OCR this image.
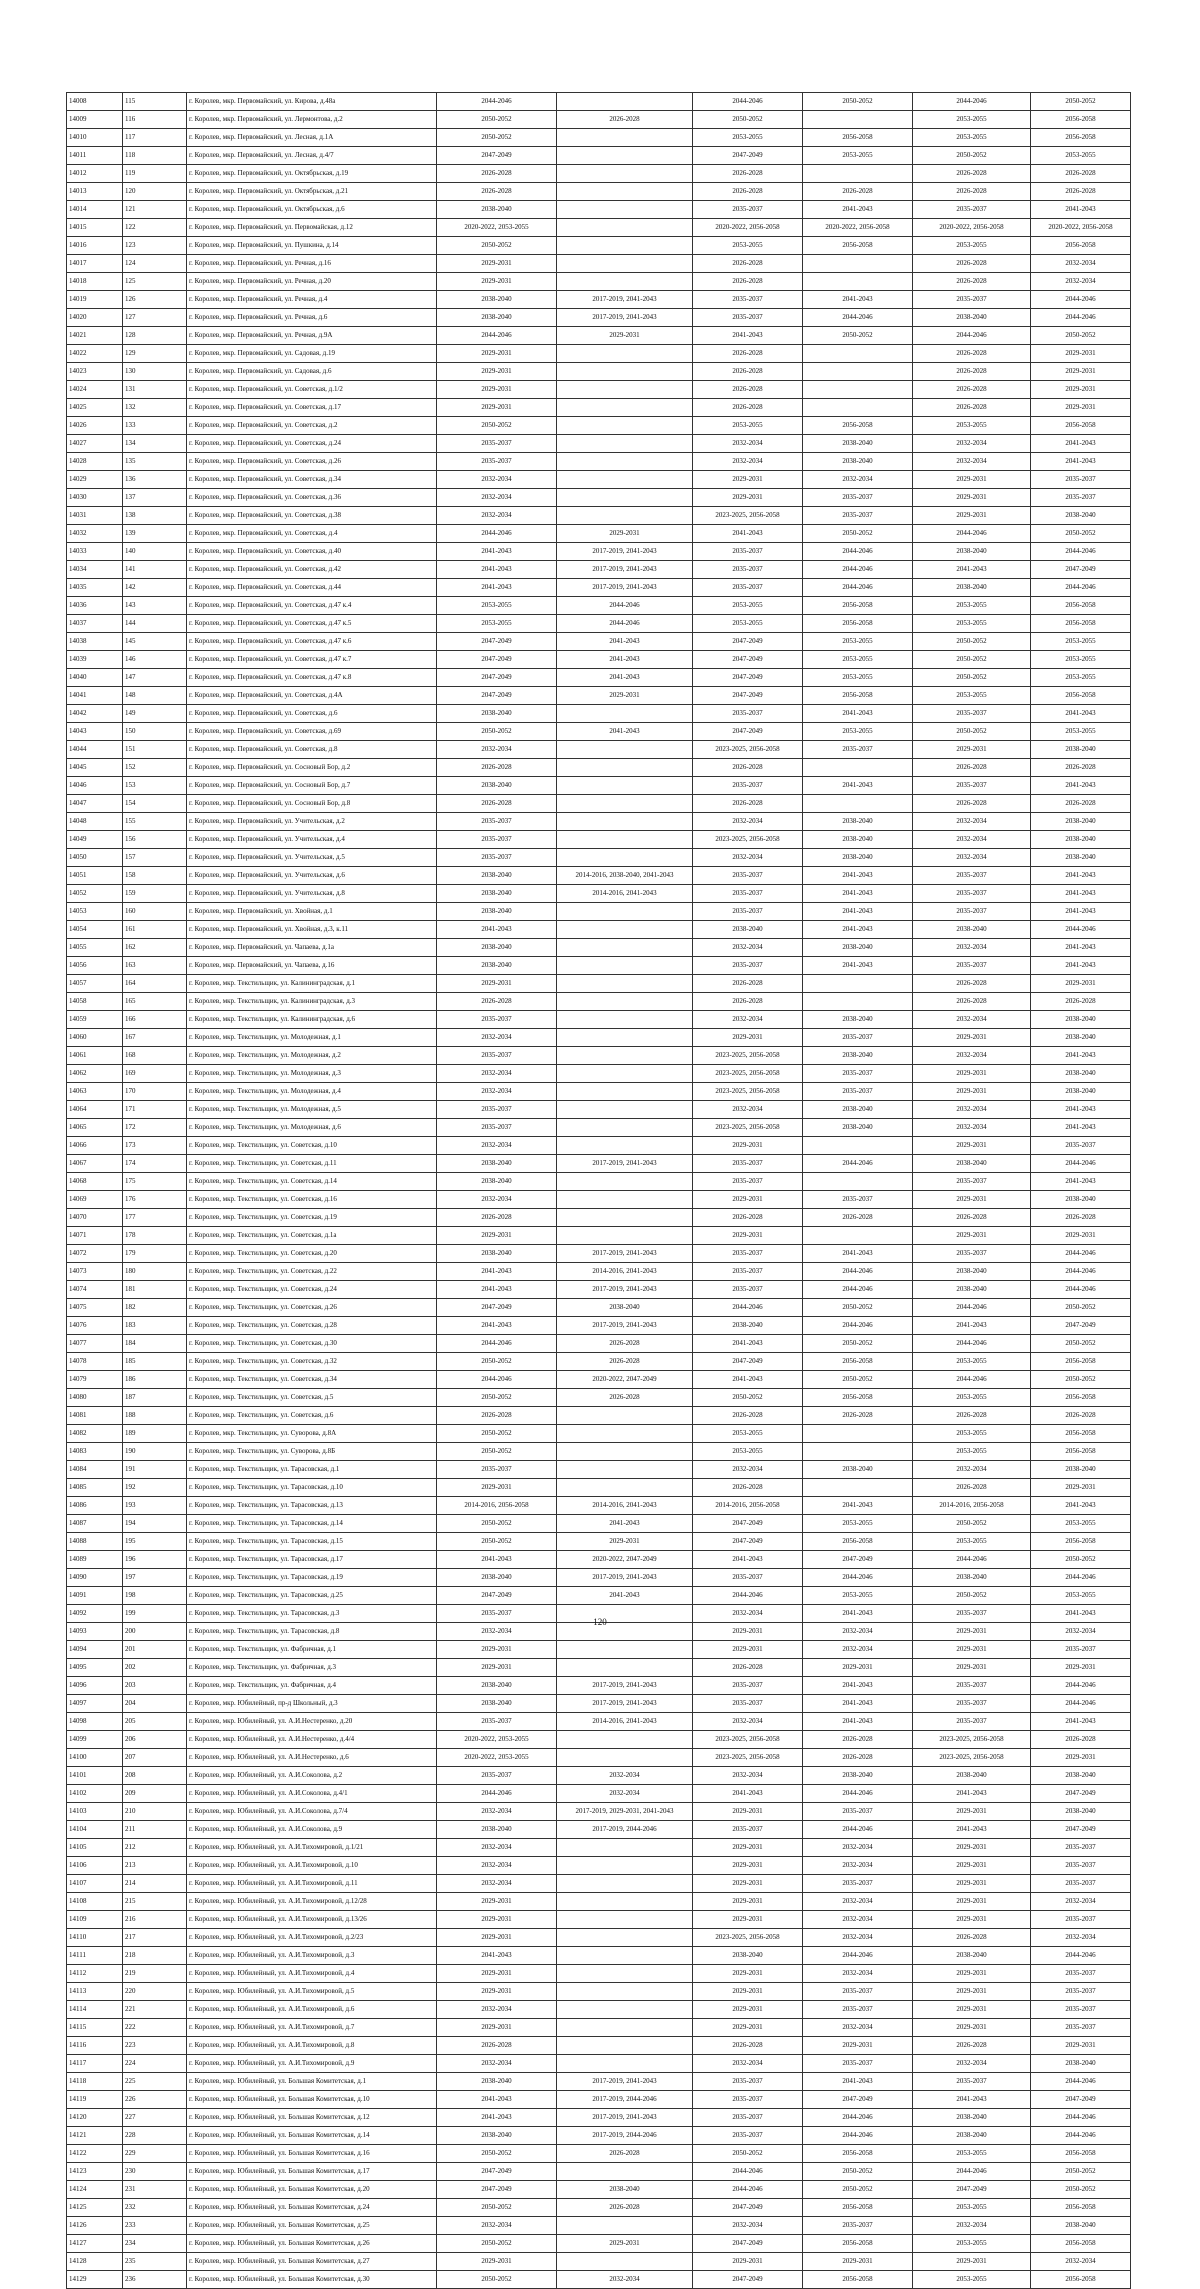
14008	115	г. Королев, мкр. Первомайский, ул. Кирова, д.48а	2044-2046		2044-2046	2050-2052	2044-2046	2050-2052
14009	116	г. Королев, мкр. Первомайский, ул. Лермонтова, д.2	2050-2052	2026-2028	2050-2052		2053-2055	2056-2058
14010	117	г. Королев, мкр. Первомайский, ул. Лесная, д.1А	2050-2052		2053-2055	2056-2058	2053-2055	2056-2058
14011	118	г. Королев, мкр. Первомайский, ул. Лесная, д.4/7	2047-2049		2047-2049	2053-2055	2050-2052	2053-2055
14012	119	г. Королев, мкр. Первомайский, ул. Октябрьская, д.19	2026-2028		2026-2028		2026-2028	2026-2028
14013	120	г. Королев, мкр. Первомайский, ул. Октябрьская, д.21	2026-2028		2026-2028	2026-2028	2026-2028	2026-2028
14014	121	г. Королев, мкр. Первомайский, ул. Октябрьская, д.6	2038-2040		2035-2037	2041-2043	2035-2037	2041-2043
14015	122	г. Королев, мкр. Первомайский, ул. Первомайская, д.12	2020-2022, 2053-2055		2020-2022, 2056-2058	2020-2022, 2056-2058	2020-2022, 2056-2058	2020-2022, 2056-2058
14016	123	г. Королев, мкр. Первомайский, ул. Пушкина, д.14	2050-2052		2053-2055	2056-2058	2053-2055	2056-2058
14017	124	г. Королев, мкр. Первомайский, ул. Речная, д.16	2029-2031		2026-2028		2026-2028	2032-2034
14018	125	г. Королев, мкр. Первомайский, ул. Речная, д.20	2029-2031		2026-2028		2026-2028	2032-2034
14019	126	г. Королев, мкр. Первомайский, ул. Речная, д.4	2038-2040	2017-2019, 2041-2043	2035-2037	2041-2043	2035-2037	2044-2046
14020	127	г. Королев, мкр. Первомайский, ул. Речная, д.6	2038-2040	2017-2019, 2041-2043	2035-2037	2044-2046	2038-2040	2044-2046
14021	128	г. Королев, мкр. Первомайский, ул. Речная, д.9А	2044-2046	2029-2031	2041-2043	2050-2052	2044-2046	2050-2052
14022	129	г. Королев, мкр. Первомайский, ул. Садовая, д.19	2029-2031		2026-2028		2026-2028	2029-2031
14023	130	г. Королев, мкр. Первомайский, ул. Садовая, д.6	2029-2031		2026-2028		2026-2028	2029-2031
14024	131	г. Королев, мкр. Первомайский, ул. Советская, д.1/2	2029-2031		2026-2028		2026-2028	2029-2031
14025	132	г. Королев, мкр. Первомайский, ул. Советская, д.17	2029-2031		2026-2028		2026-2028	2029-2031
14026	133	г. Королев, мкр. Первомайский, ул. Советская, д.2	2050-2052		2053-2055	2056-2058	2053-2055	2056-2058
14027	134	г. Королев, мкр. Первомайский, ул. Советская, д.24	2035-2037		2032-2034	2038-2040	2032-2034	2041-2043
14028	135	г. Королев, мкр. Первомайский, ул. Советская, д.26	2035-2037		2032-2034	2038-2040	2032-2034	2041-2043
14029	136	г. Королев, мкр. Первомайский, ул. Советская, д.34	2032-2034		2029-2031	2032-2034	2029-2031	2035-2037
14030	137	г. Королев, мкр. Первомайский, ул. Советская, д.36	2032-2034		2029-2031	2035-2037	2029-2031	2035-2037
14031	138	г. Королев, мкр. Первомайский, ул. Советская, д.38	2032-2034		2023-2025, 2056-2058	2035-2037	2029-2031	2038-2040
14032	139	г. Королев, мкр. Первомайский, ул. Советская, д.4	2044-2046	2029-2031	2041-2043	2050-2052	2044-2046	2050-2052
14033	140	г. Королев, мкр. Первомайский, ул. Советская, д.40	2041-2043	2017-2019, 2041-2043	2035-2037	2044-2046	2038-2040	2044-2046
14034	141	г. Королев, мкр. Первомайский, ул. Советская, д.42	2041-2043	2017-2019, 2041-2043	2035-2037	2044-2046	2041-2043	2047-2049
14035	142	г. Королев, мкр. Первомайский, ул. Советская, д.44	2041-2043	2017-2019, 2041-2043	2035-2037	2044-2046	2038-2040	2044-2046
14036	143	г. Королев, мкр. Первомайский, ул. Советская, д.47 к.4	2053-2055	2044-2046	2053-2055	2056-2058	2053-2055	2056-2058
14037	144	г. Королев, мкр. Первомайский, ул. Советская, д.47 к.5	2053-2055	2044-2046	2053-2055	2056-2058	2053-2055	2056-2058
14038	145	г. Королев, мкр. Первомайский, ул. Советская, д.47 к.6	2047-2049	2041-2043	2047-2049	2053-2055	2050-2052	2053-2055
14039	146	г. Королев, мкр. Первомайский, ул. Советская, д.47 к.7	2047-2049	2041-2043	2047-2049	2053-2055	2050-2052	2053-2055
14040	147	г. Королев, мкр. Первомайский, ул. Советская, д.47 к.8	2047-2049	2041-2043	2047-2049	2053-2055	2050-2052	2053-2055
14041	148	г. Королев, мкр. Первомайский, ул. Советская, д.4А	2047-2049	2029-2031	2047-2049	2056-2058	2053-2055	2056-2058
14042	149	г. Королев, мкр. Первомайский, ул. Советская, д.6	2038-2040		2035-2037	2041-2043	2035-2037	2041-2043
14043	150	г. Королев, мкр. Первомайский, ул. Советская, д.69	2050-2052	2041-2043	2047-2049	2053-2055	2050-2052	2053-2055
14044	151	г. Королев, мкр. Первомайский, ул. Советская, д.8	2032-2034		2023-2025, 2056-2058	2035-2037	2029-2031	2038-2040
14045	152	г. Королев, мкр. Первомайский, ул. Сосновый Бор, д.2	2026-2028		2026-2028		2026-2028	2026-2028
14046	153	г. Королев, мкр. Первомайский, ул. Сосновый Бор, д.7	2038-2040		2035-2037	2041-2043	2035-2037	2041-2043
14047	154	г. Королев, мкр. Первомайский, ул. Сосновый Бор, д.8	2026-2028		2026-2028		2026-2028	2026-2028
14048	155	г. Королев, мкр. Первомайский, ул. Учительская, д.2	2035-2037		2032-2034	2038-2040	2032-2034	2038-2040
14049	156	г. Королев, мкр. Первомайский, ул. Учительская, д.4	2035-2037		2023-2025, 2056-2058	2038-2040	2032-2034	2038-2040
14050	157	г. Королев, мкр. Первомайский, ул. Учительская, д.5	2035-2037		2032-2034	2038-2040	2032-2034	2038-2040
14051	158	г. Королев, мкр. Первомайский, ул. Учительская, д.6	2038-2040	2014-2016, 2038-2040, 2041-2043	2035-2037	2041-2043	2035-2037	2041-2043
14052	159	г. Королев, мкр. Первомайский, ул. Учительская, д.8	2038-2040	2014-2016, 2041-2043	2035-2037	2041-2043	2035-2037	2041-2043
14053	160	г. Королев, мкр. Первомайский, ул. Хвойная, д.1	2038-2040		2035-2037	2041-2043	2035-2037	2041-2043
14054	161	г. Королев, мкр. Первомайский, ул. Хвойная, д.3, к.11	2041-2043		2038-2040	2041-2043	2038-2040	2044-2046
14055	162	г. Королев, мкр. Первомайский, ул. Чапаева, д.1а	2038-2040		2032-2034	2038-2040	2032-2034	2041-2043
14056	163	г. Королев, мкр. Первомайский, ул. Чапаева, д.16	2038-2040		2035-2037	2041-2043	2035-2037	2041-2043
14057	164	г. Королев, мкр. Текстильщик, ул. Калининградская, д.1	2029-2031		2026-2028		2026-2028	2029-2031
14058	165	г. Королев, мкр. Текстильщик, ул. Калининградская, д.3	2026-2028		2026-2028		2026-2028	2026-2028
14059	166	г. Королев, мкр. Текстильщик, ул. Калининградская, д.6	2035-2037		2032-2034	2038-2040	2032-2034	2038-2040
14060	167	г. Королев, мкр. Текстильщик, ул. Молодежная, д.1	2032-2034		2029-2031	2035-2037	2029-2031	2038-2040
14061	168	г. Королев, мкр. Текстильщик, ул. Молодежная, д.2	2035-2037		2023-2025, 2056-2058	2038-2040	2032-2034	2041-2043
14062	169	г. Королев, мкр. Текстильщик, ул. Молодежная, д.3	2032-2034		2023-2025, 2056-2058	2035-2037	2029-2031	2038-2040
14063	170	г. Королев, мкр. Текстильщик, ул. Молодежная, д.4	2032-2034		2023-2025, 2056-2058	2035-2037	2029-2031	2038-2040
14064	171	г. Королев, мкр. Текстильщик, ул. Молодежная, д.5	2035-2037		2032-2034	2038-2040	2032-2034	2041-2043
14065	172	г. Королев, мкр. Текстильщик, ул. Молодежная, д.6	2035-2037		2023-2025, 2056-2058	2038-2040	2032-2034	2041-2043
14066	173	г. Королев, мкр. Текстильщик, ул. Советская, д.10	2032-2034		2029-2031		2029-2031	2035-2037
14067	174	г. Королев, мкр. Текстильщик, ул. Советская, д.11	2038-2040	2017-2019, 2041-2043	2035-2037	2044-2046	2038-2040	2044-2046
14068	175	г. Королев, мкр. Текстильщик, ул. Советская, д.14	2038-2040		2035-2037		2035-2037	2041-2043
14069	176	г. Королев, мкр. Текстильщик, ул. Советская, д.16	2032-2034		2029-2031	2035-2037	2029-2031	2038-2040
14070	177	г. Королев, мкр. Текстильщик, ул. Советская, д.19	2026-2028		2026-2028	2026-2028	2026-2028	2026-2028
14071	178	г. Королев, мкр. Текстильщик, ул. Советская, д.1а	2029-2031		2029-2031		2029-2031	2029-2031
14072	179	г. Королев, мкр. Текстильщик, ул. Советская, д.20	2038-2040	2017-2019, 2041-2043	2035-2037	2041-2043	2035-2037	2044-2046
14073	180	г. Королев, мкр. Текстильщик, ул. Советская, д.22	2041-2043	2014-2016, 2041-2043	2035-2037	2044-2046	2038-2040	2044-2046
14074	181	г. Королев, мкр. Текстильщик, ул. Советская, д.24	2041-2043	2017-2019, 2041-2043	2035-2037	2044-2046	2038-2040	2044-2046
14075	182	г. Королев, мкр. Текстильщик, ул. Советская, д.26	2047-2049	2038-2040	2044-2046	2050-2052	2044-2046	2050-2052
14076	183	г. Королев, мкр. Текстильщик, ул. Советская, д.28	2041-2043	2017-2019, 2041-2043	2038-2040	2044-2046	2041-2043	2047-2049
14077	184	г. Королев, мкр. Текстильщик, ул. Советская, д.30	2044-2046	2026-2028	2041-2043	2050-2052	2044-2046	2050-2052
14078	185	г. Королев, мкр. Текстильщик, ул. Советская, д.32	2050-2052	2026-2028	2047-2049	2056-2058	2053-2055	2056-2058
14079	186	г. Королев, мкр. Текстильщик, ул. Советская, д.34	2044-2046	2020-2022, 2047-2049	2041-2043	2050-2052	2044-2046	2050-2052
14080	187	г. Королев, мкр. Текстильщик, ул. Советская, д.5	2050-2052	2026-2028	2050-2052	2056-2058	2053-2055	2056-2058
14081	188	г. Королев, мкр. Текстильщик, ул. Советская, д.6	2026-2028		2026-2028	2026-2028	2026-2028	2026-2028
14082	189	г. Королев, мкр. Текстильщик, ул. Суворова, д.8А	2050-2052		2053-2055		2053-2055	2056-2058
14083	190	г. Королев, мкр. Текстильщик, ул. Суворова, д.8Б	2050-2052		2053-2055		2053-2055	2056-2058
14084	191	г. Королев, мкр. Текстильщик, ул. Тарасовская, д.1	2035-2037		2032-2034	2038-2040	2032-2034	2038-2040
14085	192	г. Королев, мкр. Текстильщик, ул. Тарасовская, д.10	2029-2031		2026-2028		2026-2028	2029-2031
14086	193	г. Королев, мкр. Текстильщик, ул. Тарасовская, д.13	2014-2016, 2056-2058	2014-2016, 2041-2043	2014-2016, 2056-2058	2041-2043	2014-2016, 2056-2058	2041-2043
14087	194	г. Королев, мкр. Текстильщик, ул. Тарасовская, д.14	2050-2052	2041-2043	2047-2049	2053-2055	2050-2052	2053-2055
14088	195	г. Королев, мкр. Текстильщик, ул. Тарасовская, д.15	2050-2052	2029-2031	2047-2049	2056-2058	2053-2055	2056-2058
14089	196	г. Королев, мкр. Текстильщик, ул. Тарасовская, д.17	2041-2043	2020-2022, 2047-2049	2041-2043	2047-2049	2044-2046	2050-2052
14090	197	г. Королев, мкр. Текстильщик, ул. Тарасовская, д.19	2038-2040	2017-2019, 2041-2043	2035-2037	2044-2046	2038-2040	2044-2046
14091	198	г. Королев, мкр. Текстильщик, ул. Тарасовская, д.25	2047-2049	2041-2043	2044-2046	2053-2055	2050-2052	2053-2055
14092	199	г. Королев, мкр. Текстильщик, ул. Тарасовская, д.3	2035-2037		2032-2034	2041-2043	2035-2037	2041-2043
14093	200	г. Королев, мкр. Текстильщик, ул. Тарасовская, д.8	2032-2034		2029-2031	2032-2034	2029-2031	2032-2034
14094	201	г. Королев, мкр. Текстильщик, ул. Фабричная, д.1	2029-2031		2029-2031	2032-2034	2029-2031	2035-2037
14095	202	г. Королев, мкр. Текстильщик, ул. Фабричная, д.3	2029-2031		2026-2028	2029-2031	2029-2031	2029-2031
14096	203	г. Королев, мкр. Текстильщик, ул. Фабричная, д.4	2038-2040	2017-2019, 2041-2043	2035-2037	2041-2043	2035-2037	2044-2046
14097	204	г. Королев, мкр. Юбилейный, пр-д Школьный, д.3	2038-2040	2017-2019, 2041-2043	2035-2037	2041-2043	2035-2037	2044-2046
14098	205	г. Королев, мкр. Юбилейный, ул. А.И.Нестеренко, д.20	2035-2037	2014-2016, 2041-2043	2032-2034	2041-2043	2035-2037	2041-2043
14099	206	г. Королев, мкр. Юбилейный, ул. А.И.Нестеренко, д.4/4	2020-2022, 2053-2055		2023-2025, 2056-2058	2026-2028	2023-2025, 2056-2058	2026-2028
14100	207	г. Королев, мкр. Юбилейный, ул. А.И.Нестеренко, д.6	2020-2022, 2053-2055		2023-2025, 2056-2058	2026-2028	2023-2025, 2056-2058	2029-2031
14101	208	г. Королев, мкр. Юбилейный, ул. А.И.Соколова, д.2	2035-2037	2032-2034	2032-2034	2038-2040	2038-2040	2038-2040
14102	209	г. Королев, мкр. Юбилейный, ул. А.И.Соколова, д.4/1	2044-2046	2032-2034	2041-2043	2044-2046	2041-2043	2047-2049
14103	210	г. Королев, мкр. Юбилейный, ул. А.И.Соколова, д.7/4	2032-2034	2017-2019, 2029-2031, 2041-2043	2029-2031	2035-2037	2029-2031	2038-2040
14104	211	г. Королев, мкр. Юбилейный, ул. А.И.Соколова, д.9	2038-2040	2017-2019, 2044-2046	2035-2037	2044-2046	2041-2043	2047-2049
14105	212	г. Королев, мкр. Юбилейный, ул. А.И.Тихомировой, д.1/21	2032-2034		2029-2031	2032-2034	2029-2031	2035-2037
14106	213	г. Королев, мкр. Юбилейный, ул. А.И.Тихомировой, д.10	2032-2034		2029-2031	2032-2034	2029-2031	2035-2037
14107	214	г. Королев, мкр. Юбилейный, ул. А.И.Тихомировой, д.11	2032-2034		2029-2031	2035-2037	2029-2031	2035-2037
14108	215	г. Королев, мкр. Юбилейный, ул. А.И.Тихомировой, д.12/28	2029-2031		2029-2031	2032-2034	2029-2031	2032-2034
14109	216	г. Королев, мкр. Юбилейный, ул. А.И.Тихомировой, д.13/26	2029-2031		2029-2031	2032-2034	2029-2031	2035-2037
14110	217	г. Королев, мкр. Юбилейный, ул. А.И.Тихомировой, д.2/23	2029-2031		2023-2025, 2056-2058	2032-2034	2026-2028	2032-2034
14111	218	г. Королев, мкр. Юбилейный, ул. А.И.Тихомировой, д.3	2041-2043		2038-2040	2044-2046	2038-2040	2044-2046
14112	219	г. Королев, мкр. Юбилейный, ул. А.И.Тихомировой, д.4	2029-2031		2029-2031	2032-2034	2029-2031	2035-2037
14113	220	г. Королев, мкр. Юбилейный, ул. А.И.Тихомировой, д.5	2029-2031		2029-2031	2035-2037	2029-2031	2035-2037
14114	221	г. Королев, мкр. Юбилейный, ул. А.И.Тихомировой, д.6	2032-2034		2029-2031	2035-2037	2029-2031	2035-2037
14115	222	г. Королев, мкр. Юбилейный, ул. А.И.Тихомировой, д.7	2029-2031		2029-2031	2032-2034	2029-2031	2035-2037
14116	223	г. Королев, мкр. Юбилейный, ул. А.И.Тихомировой, д.8	2026-2028		2026-2028	2029-2031	2026-2028	2029-2031
14117	224	г. Королев, мкр. Юбилейный, ул. А.И.Тихомировой, д.9	2032-2034		2032-2034	2035-2037	2032-2034	2038-2040
14118	225	г. Королев, мкр. Юбилейный, ул. Большая Комитетская, д.1	2038-2040	2017-2019, 2041-2043	2035-2037	2041-2043	2035-2037	2044-2046
14119	226	г. Королев, мкр. Юбилейный, ул. Большая Комитетская, д.10	2041-2043	2017-2019, 2044-2046	2035-2037	2047-2049	2041-2043	2047-2049
14120	227	г. Королев, мкр. Юбилейный, ул. Большая Комитетская, д.12	2041-2043	2017-2019, 2041-2043	2035-2037	2044-2046	2038-2040	2044-2046
14121	228	г. Королев, мкр. Юбилейный, ул. Большая Комитетская, д.14	2038-2040	2017-2019, 2044-2046	2035-2037	2044-2046	2038-2040	2044-2046
14122	229	г. Королев, мкр. Юбилейный, ул. Большая Комитетская, д.16	2050-2052	2026-2028	2050-2052	2056-2058	2053-2055	2056-2058
14123	230	г. Королев, мкр. Юбилейный, ул. Большая Комитетская, д.17	2047-2049		2044-2046	2050-2052	2044-2046	2050-2052
14124	231	г. Королев, мкр. Юбилейный, ул. Большая Комитетская, д.20	2047-2049	2038-2040	2044-2046	2050-2052	2047-2049	2050-2052
14125	232	г. Королев, мкр. Юбилейный, ул. Большая Комитетская, д.24	2050-2052	2026-2028	2047-2049	2056-2058	2053-2055	2056-2058
14126	233	г. Королев, мкр. Юбилейный, ул. Большая Комитетская, д.25	2032-2034		2032-2034	2035-2037	2032-2034	2038-2040
14127	234	г. Королев, мкр. Юбилейный, ул. Большая Комитетская, д.26	2050-2052	2029-2031	2047-2049	2056-2058	2053-2055	2056-2058
14128	235	г. Королев, мкр. Юбилейный, ул. Большая Комитетская, д.27	2029-2031		2029-2031	2029-2031	2029-2031	2032-2034
14129	236	г. Королев, мкр. Юбилейный, ул. Большая Комитетская, д.30	2050-2052	2032-2034	2047-2049	2056-2058	2053-2055	2056-2058
120
